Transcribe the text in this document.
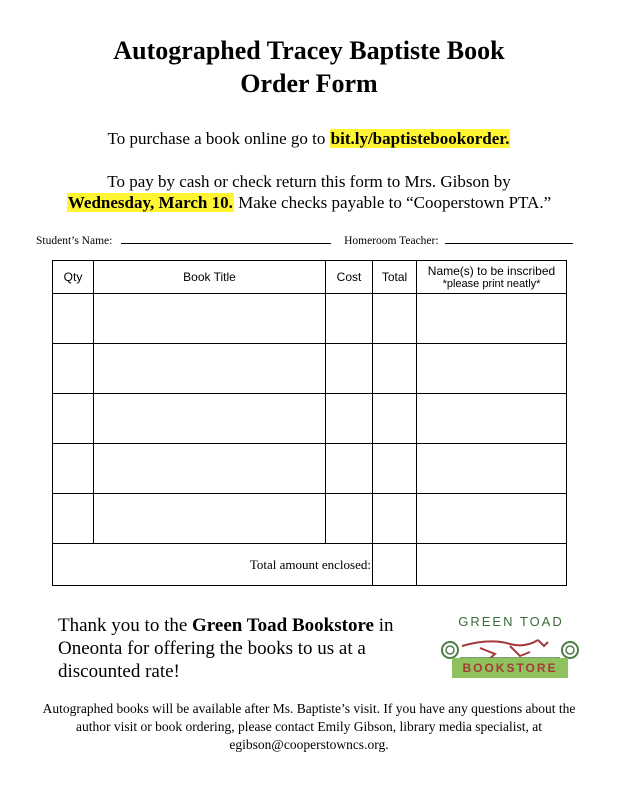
Autographed Tracey Baptiste Book
Order Form
To purchase a book online go to bit.ly/baptistebookorder.
To pay by cash or check return this form to Mrs. Gibson by
Wednesday, March 10. Make checks payable to “Cooperstown PTA.”
Student’s Name:	Homeroom Teacher:
Qty	Book Title	Cost	Total	Name(s) to be inscribed
*please print neatly*

Total amount enclosed:				
Thank you to the Green Toad Bookstore in Oneonta for offering the books to us at a discounted rate!
GREEN TOAD
BOOKSTORE
Autographed books will be available after Ms. Baptiste’s visit. If you have any questions about the author visit or book ordering, please contact Emily Gibson, library media specialist, at egibson@cooperstowncs.org.
